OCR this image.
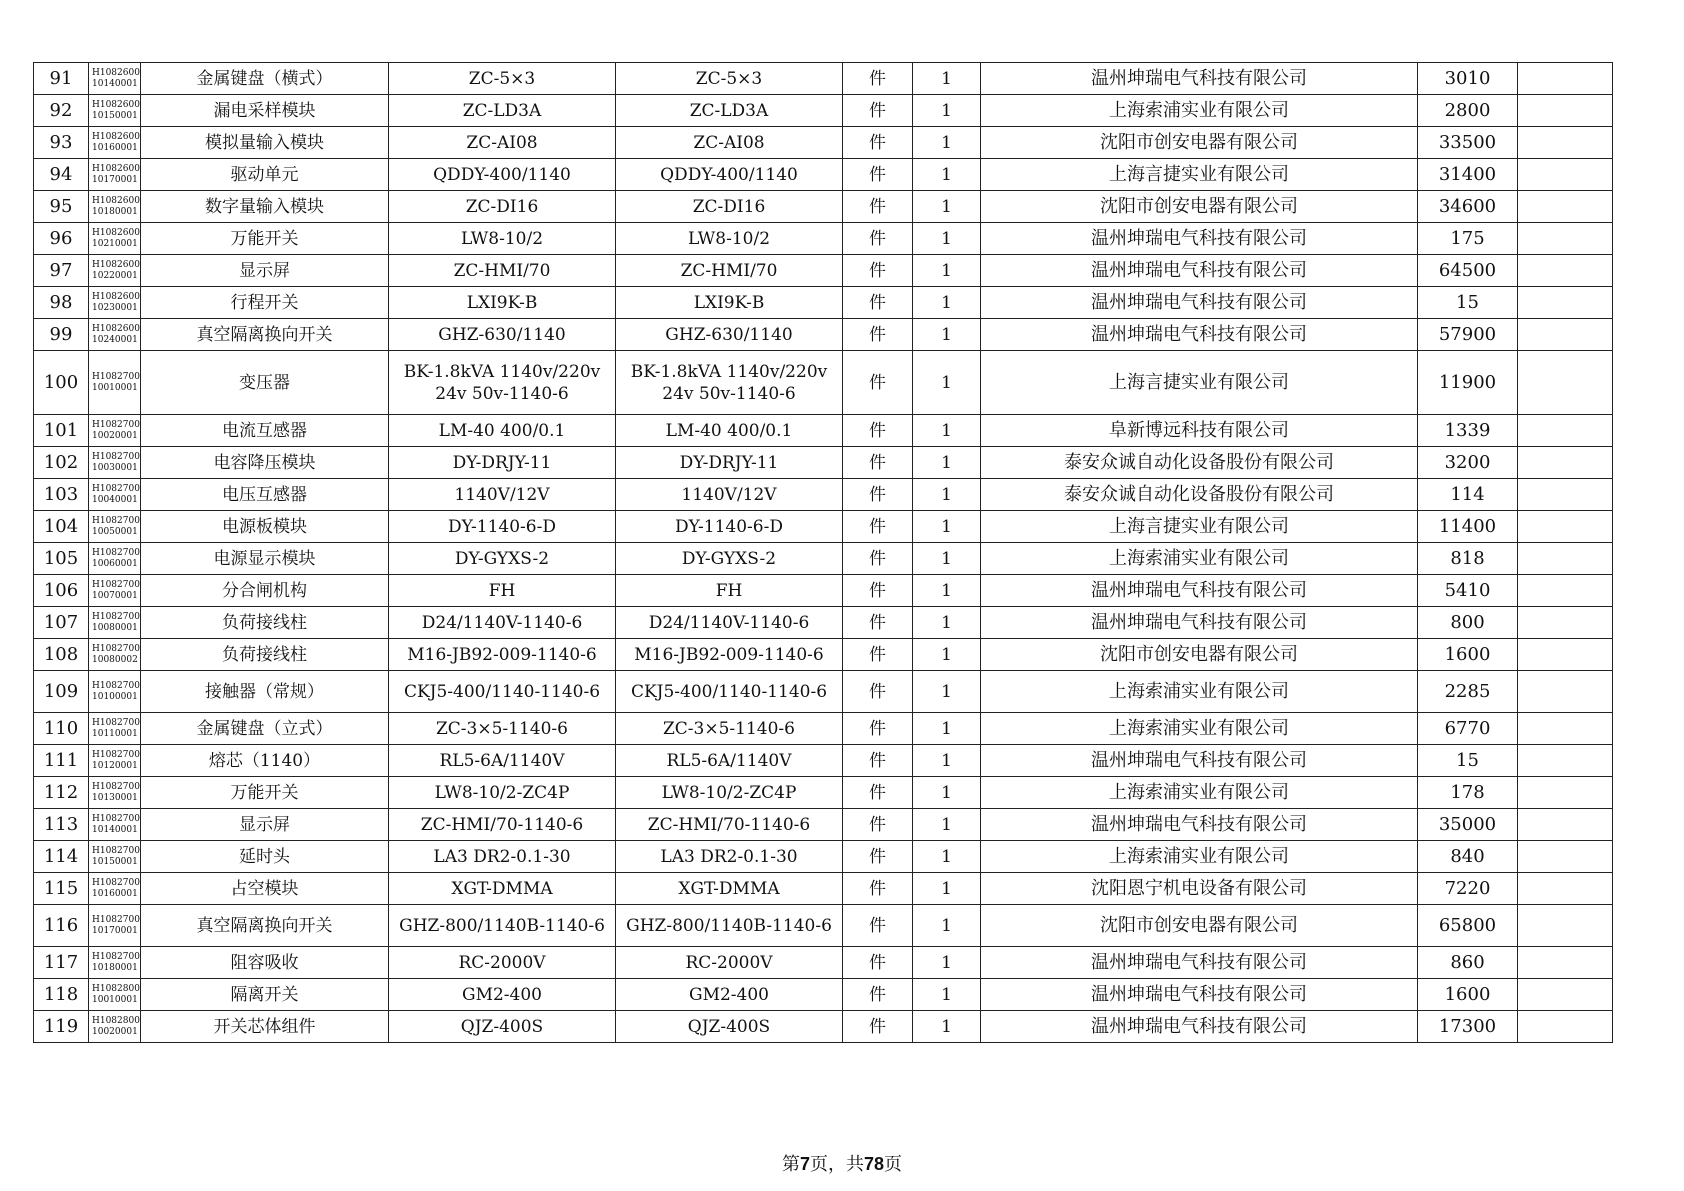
91	H1082600 10140001	金属键盘（横式）	ZC-5×3	ZC-5×3	件	1	温州坤瑞电气科技有限公司	3010	
92	H1082600 10150001	漏电采样模块	ZC-LD3A	ZC-LD3A	件	1	上海索浦实业有限公司	2800	
93	H1082600 10160001	模拟量输入模块	ZC-AI08	ZC-AI08	件	1	沈阳市创安电器有限公司	33500	
94	H1082600 10170001	驱动单元	QDDY-400/1140	QDDY-400/1140	件	1	上海言捷实业有限公司	31400	
95	H1082600 10180001	数字量输入模块	ZC-DI16	ZC-DI16	件	1	沈阳市创安电器有限公司	34600	
96	H1082600 10210001	万能开关	LW8-10/2	LW8-10/2	件	1	温州坤瑞电气科技有限公司	175	
97	H1082600 10220001	显示屏	ZC-HMI/70	ZC-HMI/70	件	1	温州坤瑞电气科技有限公司	64500	
98	H1082600 10230001	行程开关	LXI9K-B	LXI9K-B	件	1	温州坤瑞电气科技有限公司	15	
99	H1082600 10240001	真空隔离换向开关	GHZ-630/1140	GHZ-630/1140	件	1	温州坤瑞电气科技有限公司	57900	
100	H1082700 10010001	变压器	BK-1.8kVA 1140v/220v
24v 50v-1140-6	BK-1.8kVA 1140v/220v
24v 50v-1140-6	件	1	上海言捷实业有限公司	11900	
101	H1082700 10020001	电流互感器	LM-40 400/0.1	LM-40 400/0.1	件	1	阜新博远科技有限公司	1339	
102	H1082700 10030001	电容降压模块	DY-DRJY-11	DY-DRJY-11	件	1	泰安众诚自动化设备股份有限公司	3200	
103	H1082700 10040001	电压互感器	1140V/12V	1140V/12V	件	1	泰安众诚自动化设备股份有限公司	114	
104	H1082700 10050001	电源板模块	DY-1140-6-D	DY-1140-6-D	件	1	上海言捷实业有限公司	11400	
105	H1082700 10060001	电源显示模块	DY-GYXS-2	DY-GYXS-2	件	1	上海索浦实业有限公司	818	
106	H1082700 10070001	分合闸机构	FH	FH	件	1	温州坤瑞电气科技有限公司	5410	
107	H1082700 10080001	负荷接线柱	D24/1140V-1140-6	D24/1140V-1140-6	件	1	温州坤瑞电气科技有限公司	800	
108	H1082700 10080002	负荷接线柱	M16-JB92-009-1140-6	M16-JB92-009-1140-6	件	1	沈阳市创安电器有限公司	1600	
109	H1082700 10100001	接触器（常规）	CKJ5-400/1140-1140-6	CKJ5-400/1140-1140-6	件	1	上海索浦实业有限公司	2285	
110	H1082700 10110001	金属键盘（立式）	ZC-3×5-1140-6	ZC-3×5-1140-6	件	1	上海索浦实业有限公司	6770	
111	H1082700 10120001	熔芯（1140）	RL5-6A/1140V	RL5-6A/1140V	件	1	温州坤瑞电气科技有限公司	15	
112	H1082700 10130001	万能开关	LW8-10/2-ZC4P	LW8-10/2-ZC4P	件	1	上海索浦实业有限公司	178	
113	H1082700 10140001	显示屏	ZC-HMI/70-1140-6	ZC-HMI/70-1140-6	件	1	温州坤瑞电气科技有限公司	35000	
114	H1082700 10150001	延时头	LA3 DR2-0.1-30	LA3 DR2-0.1-30	件	1	上海索浦实业有限公司	840	
115	H1082700 10160001	占空模块	XGT-DMMA	XGT-DMMA	件	1	沈阳恩宁机电设备有限公司	7220	
116	H1082700 10170001	真空隔离换向开关	GHZ-800/1140B-1140-6	GHZ-800/1140B-1140-6	件	1	沈阳市创安电器有限公司	65800	
117	H1082700 10180001	阻容吸收	RC-2000V	RC-2000V	件	1	温州坤瑞电气科技有限公司	860	
118	H1082800 10010001	隔离开关	GM2-400	GM2-400	件	1	温州坤瑞电气科技有限公司	1600	
119	H1082800 10020001	开关芯体组件	QJZ-400S	QJZ-400S	件	1	温州坤瑞电气科技有限公司	17300	
第7页，共78页
